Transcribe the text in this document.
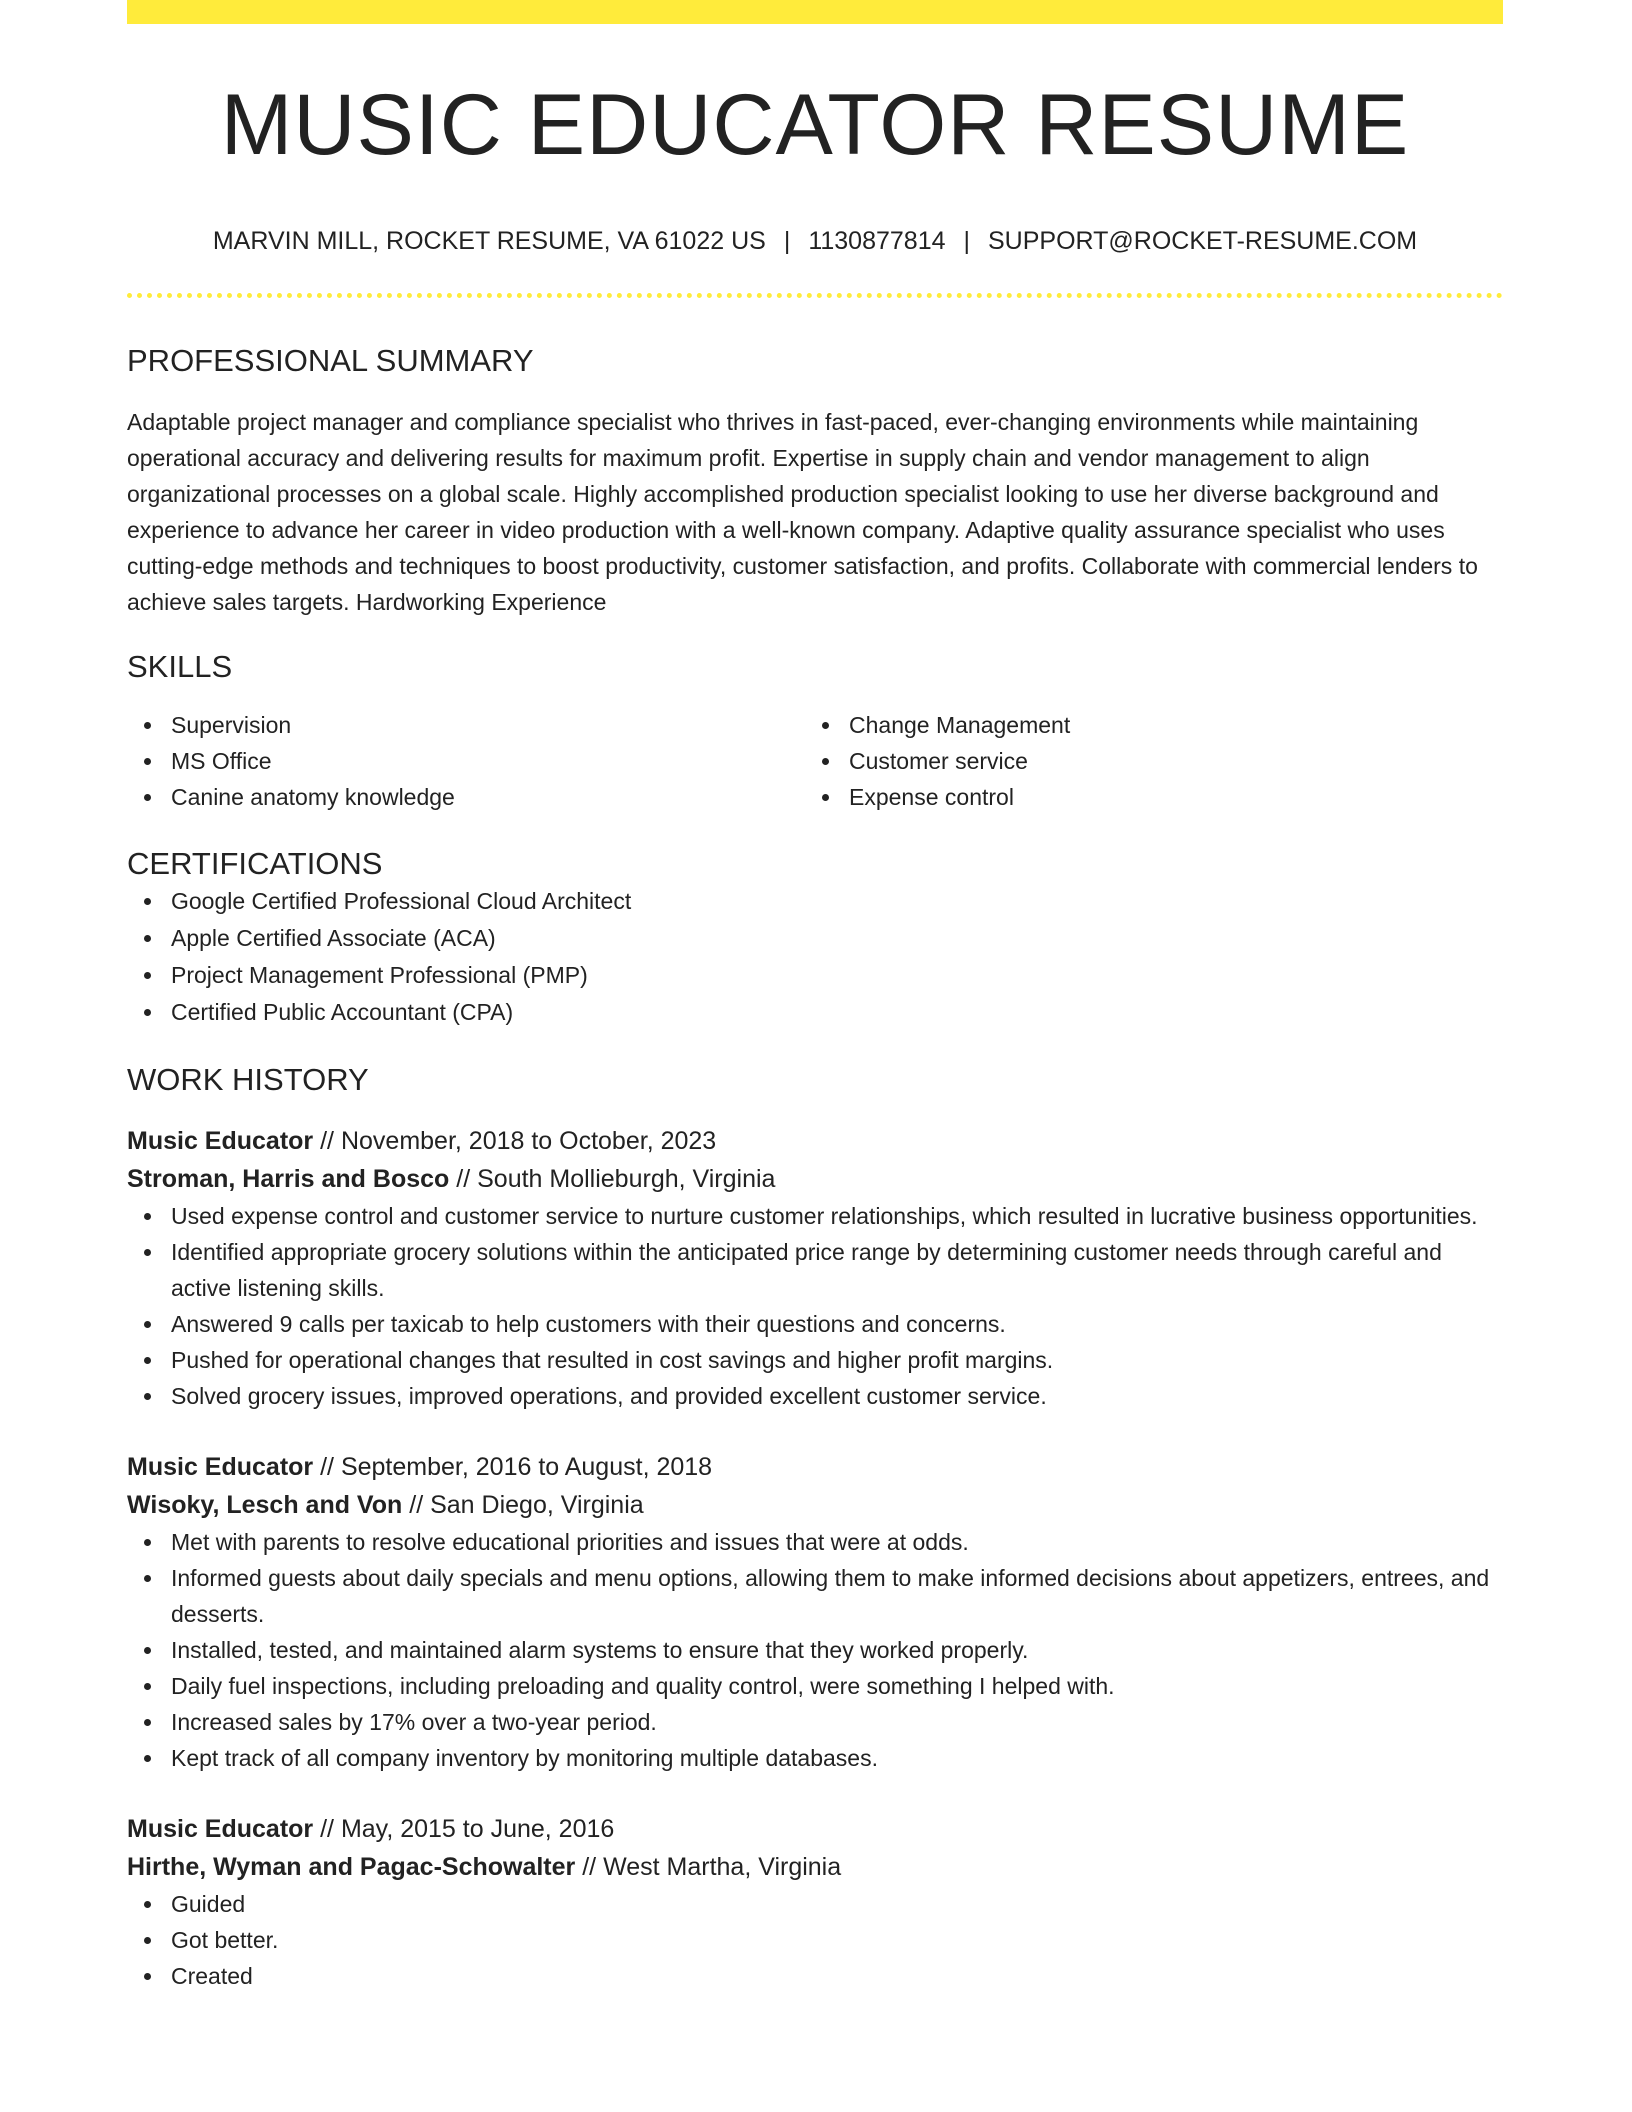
MUSIC EDUCATOR RESUME
MARVIN MILL, ROCKET RESUME, VA 61022 US | 1130877814 | SUPPORT@ROCKET-RESUME.COM
PROFESSIONAL SUMMARY
Adaptable project manager and compliance specialist who thrives in fast-paced, ever-changing environments while maintaining operational accuracy and delivering results for maximum profit. Expertise in supply chain and vendor management to align organizational processes on a global scale. Highly accomplished production specialist looking to use her diverse background and experience to advance her career in video production with a well-known company. Adaptive quality assurance specialist who uses cutting-edge methods and techniques to boost productivity, customer satisfaction, and profits. Collaborate with commercial lenders to achieve sales targets. Hardworking Experience
SKILLS
Supervision
MS Office
Canine anatomy knowledge
Change Management
Customer service
Expense control
CERTIFICATIONS
Google Certified Professional Cloud Architect
Apple Certified Associate (ACA)
Project Management Professional (PMP)
Certified Public Accountant (CPA)
WORK HISTORY
Music Educator // November, 2018 to October, 2023
Stroman, Harris and Bosco // South Mollieburgh, Virginia
Used expense control and customer service to nurture customer relationships, which resulted in lucrative business opportunities.
Identified appropriate grocery solutions within the anticipated price range by determining customer needs through careful and active listening skills.
Answered 9 calls per taxicab to help customers with their questions and concerns.
Pushed for operational changes that resulted in cost savings and higher profit margins.
Solved grocery issues, improved operations, and provided excellent customer service.
Music Educator // September, 2016 to August, 2018
Wisoky, Lesch and Von // San Diego, Virginia
Met with parents to resolve educational priorities and issues that were at odds.
Informed guests about daily specials and menu options, allowing them to make informed decisions about appetizers, entrees, and desserts.
Installed, tested, and maintained alarm systems to ensure that they worked properly.
Daily fuel inspections, including preloading and quality control, were something I helped with.
Increased sales by 17% over a two-year period.
Kept track of all company inventory by monitoring multiple databases.
Music Educator // May, 2015 to June, 2016
Hirthe, Wyman and Pagac-Schowalter // West Martha, Virginia
Guided
Got better.
Created
